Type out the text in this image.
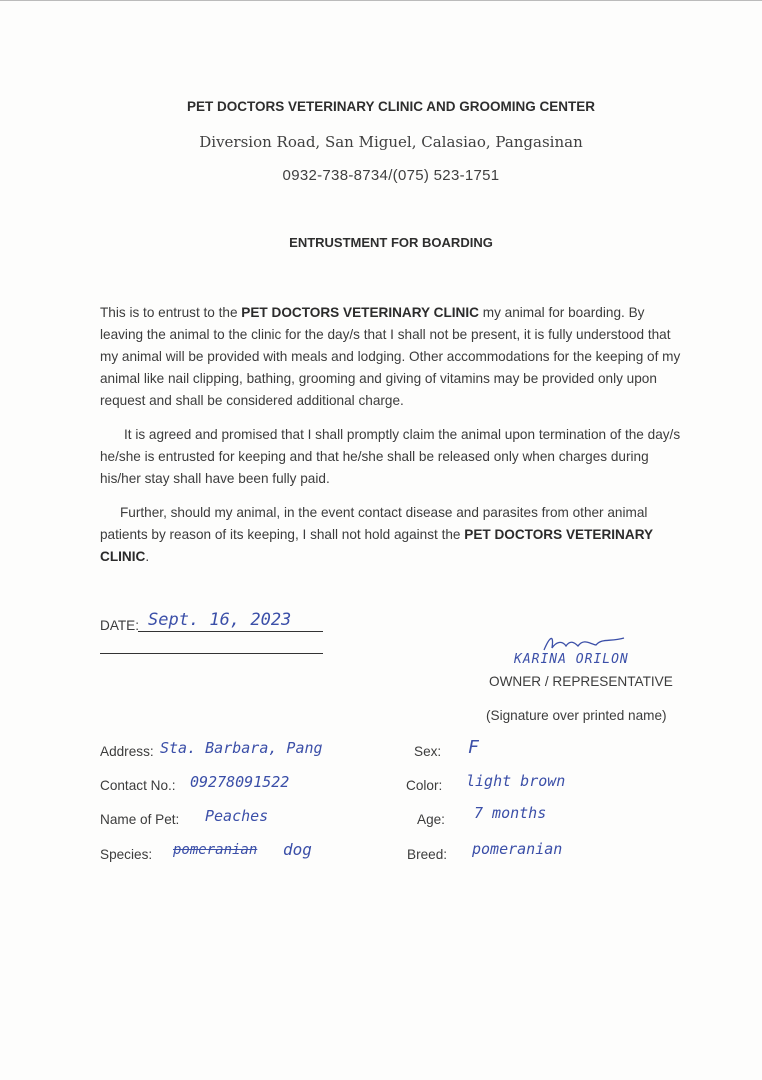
PET DOCTORS VETERINARY CLINIC AND GROOMING CENTER
Diversion Road, San Miguel, Calasiao, Pangasinan
0932-738-8734/(075) 523-1751
ENTRUSTMENT FOR BOARDING
This is to entrust to the PET DOCTORS VETERINARY CLINIC my animal for boarding. By leaving the animal to the clinic for the day/s that I shall not be present, it is fully understood that my animal will be provided with meals and lodging. Other accommodations for the keeping of my animal like nail clipping, bathing, grooming and giving of vitamins may be provided only upon request and shall be considered additional charge.
It is agreed and promised that I shall promptly claim the animal upon termination of the day/s he/she is entrusted for keeping and that he/she shall be released only when charges during his/her stay shall have been fully paid.
Further, should my animal, in the event contact disease and parasites from other animal patients by reason of its keeping, I shall not hold against the PET DOCTORS VETERINARY CLINIC.
DATE: Sept. 16, 2023
KARINA ORILON
OWNER / REPRESENTATIVE
(Signature over printed name)
Address: Sta. Barbara, Pang
Contact No.: 09278091522
Name of Pet: Peaches
Species: pomeranian dog
Sex: F
Color: light brown
Age: 7 months
Breed: pomeranian
